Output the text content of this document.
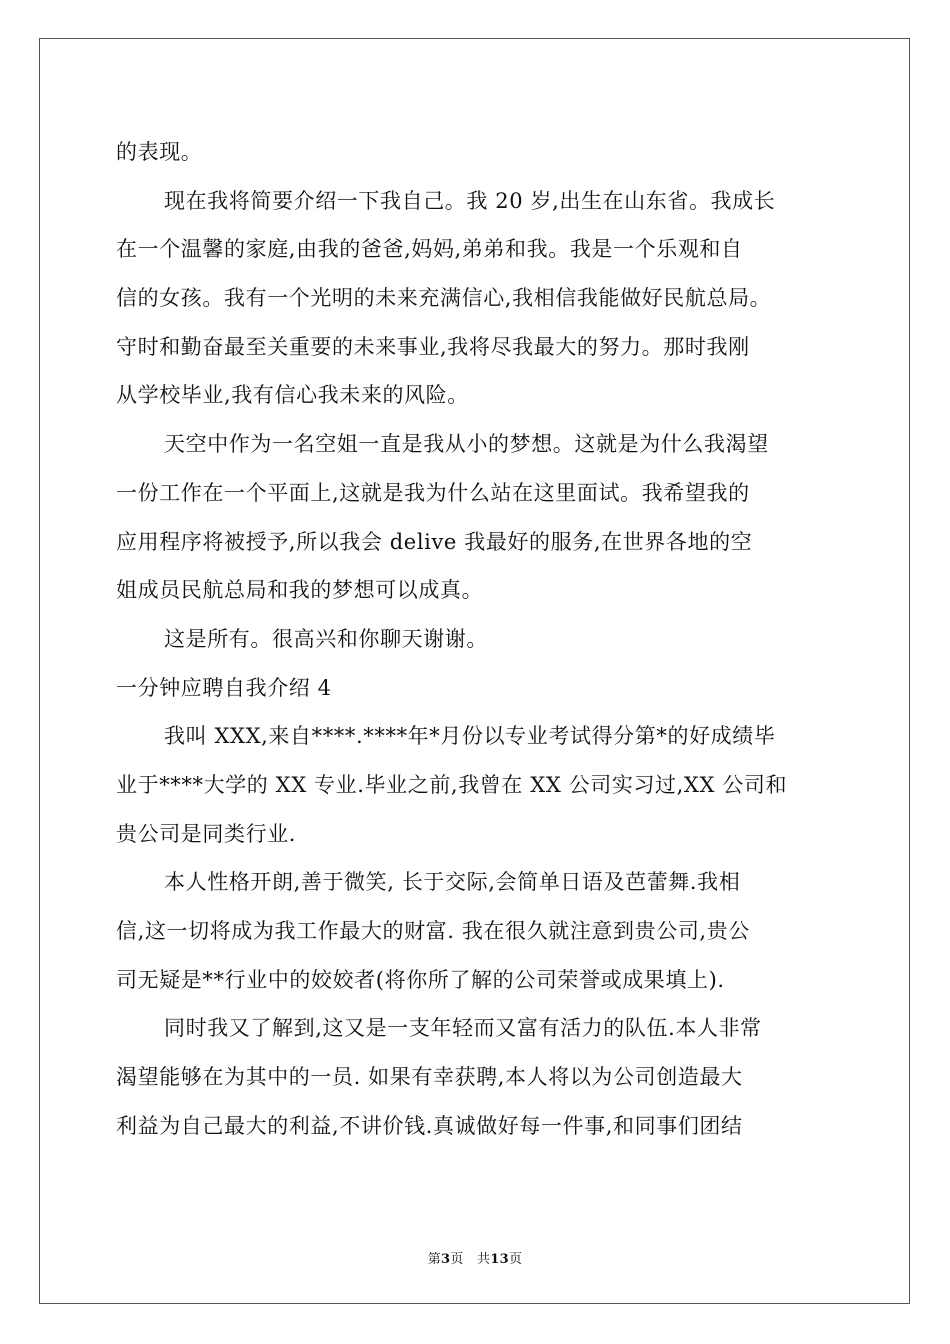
的表现。
现在我将简要介绍一下我自己。我 20 岁,出生在山东省。我成长
在一个温馨的家庭,由我的爸爸,妈妈,弟弟和我。我是一个乐观和自
信的女孩。我有一个光明的未来充满信心,我相信我能做好民航总局。
守时和勤奋最至关重要的未来事业,我将尽我最大的努力。那时我刚
从学校毕业,我有信心我未来的风险。
天空中作为一名空姐一直是我从小的梦想。这就是为什么我渴望
一份工作在一个平面上,这就是我为什么站在这里面试。我希望我的
应用程序将被授予,所以我会 delive 我最好的服务,在世界各地的空
姐成员民航总局和我的梦想可以成真。
这是所有。很高兴和你聊天谢谢。
一分钟应聘自我介绍 4
我叫 XXX,来自****.****年*月份以专业考试得分第*的好成绩毕
业于****大学的 XX 专业.毕业之前,我曾在 XX 公司实习过,XX 公司和
贵公司是同类行业.
本人性格开朗,善于微笑, 长于交际,会简单日语及芭蕾舞.我相
信,这一切将成为我工作最大的财富. 我在很久就注意到贵公司,贵公
司无疑是**行业中的姣姣者(将你所了解的公司荣誉或成果填上).
同时我又了解到,这又是一支年轻而又富有活力的队伍.本人非常
渴望能够在为其中的一员. 如果有幸获聘,本人将以为公司创造最大
利益为自己最大的利益,不讲价钱.真诚做好每一件事,和同事们团结
第3页 共13页
